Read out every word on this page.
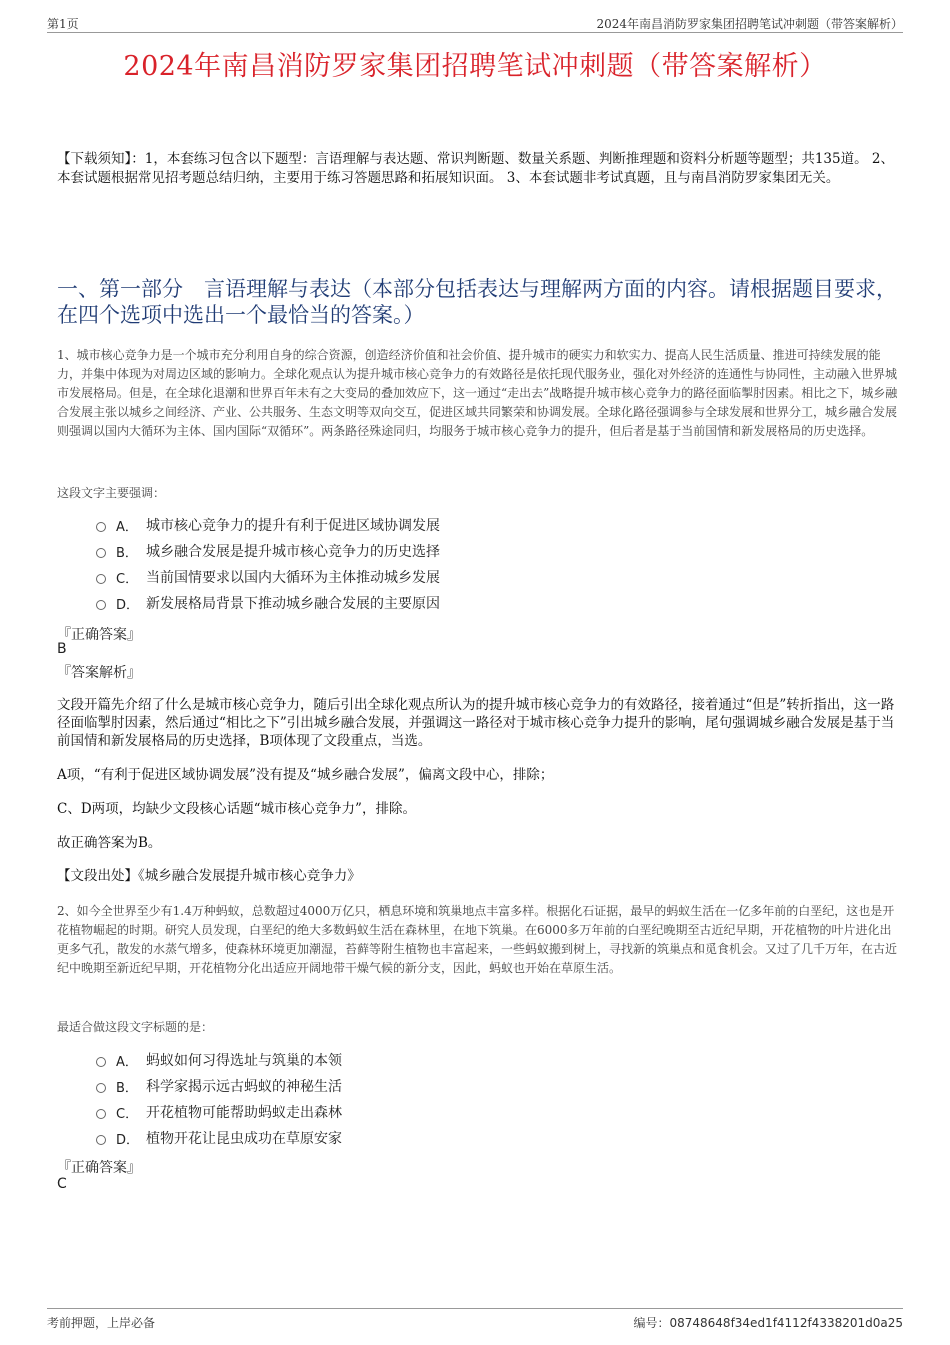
第1页	2024年南昌消防罗家集团招聘笔试冲刺题（带答案解析）
2024年南昌消防罗家集团招聘笔试冲刺题（带答案解析）
【下载须知】：1，本套练习包含以下题型：言语理解与表达题、常识判断题、数量关系题、判断推理题和资料分析题等题型；共135道。 2、本套试题根据常见招考题总结归纳，主要用于练习答题思路和拓展知识面。 3、本套试题非考试真题，且与南昌消防罗家集团无关。
一、第一部分　言语理解与表达（本部分包括表达与理解两方面的内容。请根据题目要求，在四个选项中选出一个最恰当的答案。）
1、城市核心竞争力是一个城市充分利用自身的综合资源，创造经济价值和社会价值、提升城市的硬实力和软实力、提高人民生活质量、推进可持续发展的能力，并集中体现为对周边区域的影响力。全球化观点认为提升城市核心竞争力的有效路径是依托现代服务业，强化对外经济的连通性与协同性，主动融入世界城市发展格局。但是，在全球化退潮和世界百年未有之大变局的叠加效应下，这一通过“走出去”战略提升城市核心竞争力的路径面临掣肘因素。相比之下，城乡融合发展主张以城乡之间经济、产业、公共服务、生态文明等双向交互，促进区域共同繁荣和协调发展。全球化路径强调参与全球发展和世界分工，城乡融合发展则强调以国内大循环为主体、国内国际“双循环”。两条路径殊途同归，均服务于城市核心竞争力的提升，但后者是基于当前国情和新发展格局的历史选择。
这段文字主要强调：
A． 城市核心竞争力的提升有利于促进区域协调发展
B． 城乡融合发展是提升城市核心竞争力的历史选择
C． 当前国情要求以国内大循环为主体推动城乡发展
D． 新发展格局背景下推动城乡融合发展的主要原因
『正确答案』
B
『答案解析』
文段开篇先介绍了什么是城市核心竞争力，随后引出全球化观点所认为的提升城市核心竞争力的有效路径，接着通过“但是”转折指出，这一路径面临掣肘因素，然后通过“相比之下”引出城乡融合发展，并强调这一路径对于城市核心竞争力提升的影响，尾句强调城乡融合发展是基于当前国情和新发展格局的历史选择，B项体现了文段重点，当选。
A项，“有利于促进区域协调发展”没有提及“城乡融合发展”，偏离文段中心，排除；
C、D两项，均缺少文段核心话题“城市核心竞争力”，排除。
故正确答案为B。
【文段出处】《城乡融合发展提升城市核心竞争力》
2、如今全世界至少有1.4万种蚂蚁，总数超过4000万亿只，栖息环境和筑巢地点丰富多样。根据化石证据，最早的蚂蚁生活在一亿多年前的白垩纪，这也是开花植物崛起的时期。研究人员发现，白垩纪的绝大多数蚂蚁生活在森林里，在地下筑巢。在6000多万年前的白垩纪晚期至古近纪早期，开花植物的叶片进化出更多气孔，散发的水蒸气增多，使森林环境更加潮湿，苔藓等附生植物也丰富起来，一些蚂蚁搬到树上，寻找新的筑巢点和觅食机会。又过了几千万年，在古近纪中晚期至新近纪早期，开花植物分化出适应开阔地带干燥气候的新分支，因此，蚂蚁也开始在草原生活。
最适合做这段文字标题的是：
A． 蚂蚁如何习得选址与筑巢的本领
B． 科学家揭示远古蚂蚁的神秘生活
C． 开花植物可能帮助蚂蚁走出森林
D． 植物开花让昆虫成功在草原安家
『正确答案』
C
考前押题，上岸必备	编号：08748648f34ed1f4112f4338201d0a25
